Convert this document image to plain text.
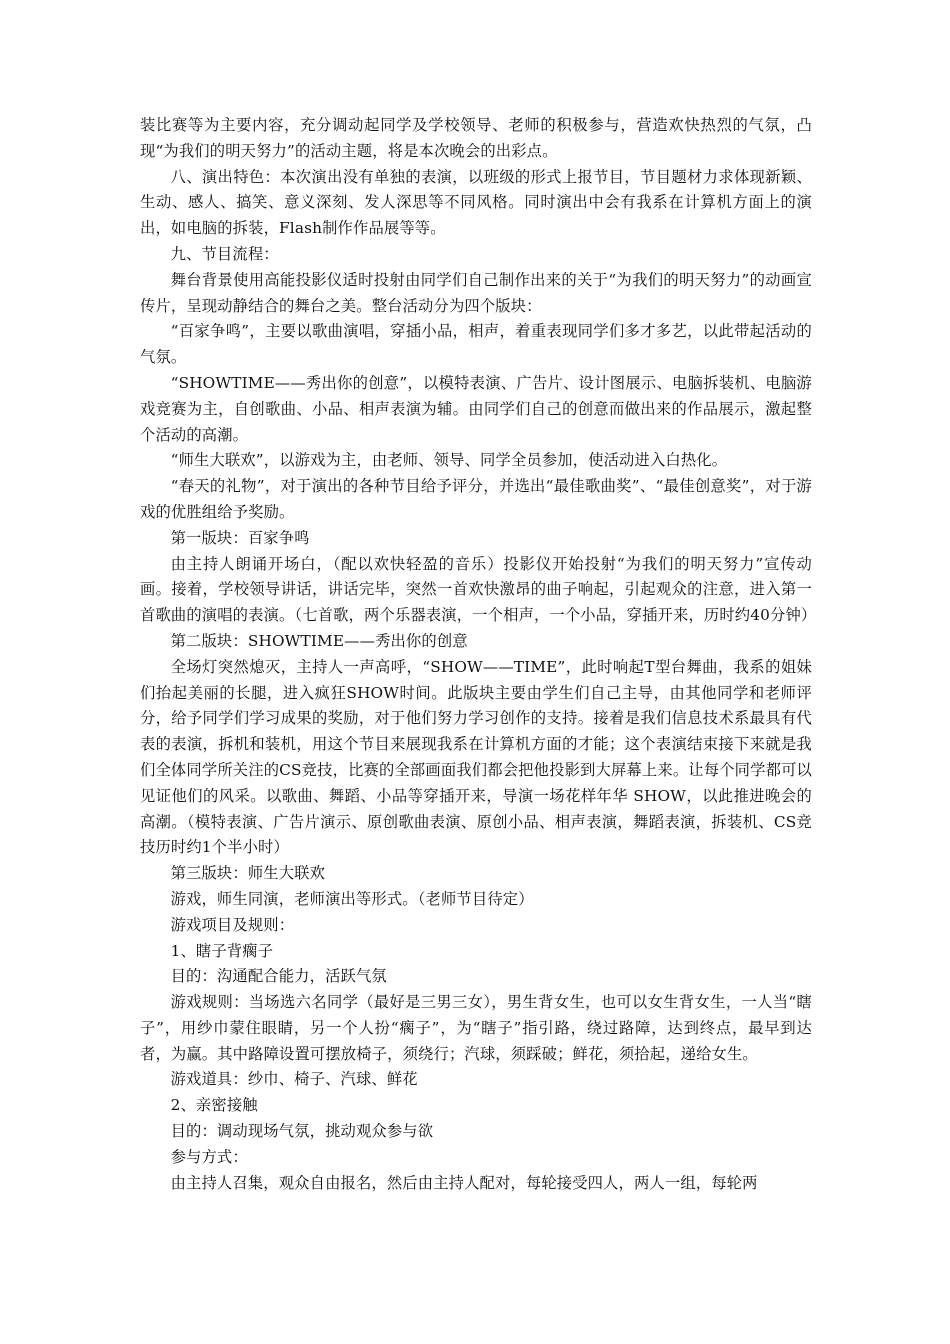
装比赛等为主要内容，充分调动起同学及学校领导、老师的积极参与，营造欢快热烈的气氛，凸现“为我们的明天努力”的活动主题，将是本次晚会的出彩点。

八、演出特色：本次演出没有单独的表演，以班级的形式上报节目，节目题材力求体现新颖、生动、感人、搞笑、意义深刻、发人深思等不同风格。同时演出中会有我系在计算机方面上的演出，如电脑的拆装，Flash制作作品展等等。

九、节目流程：

舞台背景使用高能投影仪适时投射由同学们自己制作出来的关于“为我们的明天努力”的动画宣传片，呈现动静结合的舞台之美。整台活动分为四个版块：

“百家争鸣”，主要以歌曲演唱，穿插小品，相声，着重表现同学们多才多艺，以此带起活动的气氛。

“SHOWTIME——秀出你的创意”，以模特表演、广告片、设计图展示、电脑拆装机、电脑游戏竞赛为主，自创歌曲、小品、相声表演为辅。由同学们自己的创意而做出来的作品展示，激起整个活动的高潮。

“师生大联欢”，以游戏为主，由老师、领导、同学全员参加，使活动进入白热化。

“春天的礼物”，对于演出的各种节目给予评分，并选出“最佳歌曲奖”、“最佳创意奖”，对于游戏的优胜组给予奖励。

第一版块：百家争鸣

由主持人朗诵开场白，（配以欢快轻盈的音乐）投影仪开始投射“为我们的明天努力”宣传动画。接着，学校领导讲话，讲话完毕，突然一首欢快激昂的曲子响起，引起观众的注意，进入第一首歌曲的演唱的表演。（七首歌，两个乐器表演，一个相声，一个小品，穿插开来，历时约40分钟）

第二版块：SHOWTIME——秀出你的创意

全场灯突然熄灭，主持人一声高呼，“SHOW——TIME”，此时响起T型台舞曲，我系的姐妹们抬起美丽的长腿，进入疯狂SHOW时间。此版块主要由学生们自己主导，由其他同学和老师评分，给予同学们学习成果的奖励，对于他们努力学习创作的支持。接着是我们信息技术系最具有代表的表演，拆机和装机，用这个节目来展现我系在计算机方面的才能；这个表演结束接下来就是我们全体同学所关注的CS竞技，比赛的全部画面我们都会把他投影到大屏幕上来。让每个同学都可以见证他们的风采。以歌曲、舞蹈、小品等穿插开来，导演一场花样年华 SHOW，以此推进晚会的高潮。（模特表演、广告片演示、原创歌曲表演、原创小品、相声表演，舞蹈表演，拆装机、CS竞技历时约1个半小时）

第三版块：师生大联欢

游戏，师生同演，老师演出等形式。（老师节目待定）

游戏项目及规则：

1、瞎子背瘸子

目的：沟通配合能力，活跃气氛

游戏规则：当场选六名同学（最好是三男三女），男生背女生，也可以女生背女生，一人当“瞎子”，用纱巾蒙住眼睛，另一个人扮“瘸子”，为“瞎子”指引路，绕过路障，达到终点，最早到达者，为赢。其中路障设置可摆放椅子，须绕行；汽球，须踩破；鲜花，须拾起，递给女生。

游戏道具：纱巾、椅子、汽球、鲜花

2、亲密接触

目的：调动现场气氛，挑动观众参与欲

参与方式：

由主持人召集，观众自由报名，然后由主持人配对，每轮接受四人，两人一组，每轮两
